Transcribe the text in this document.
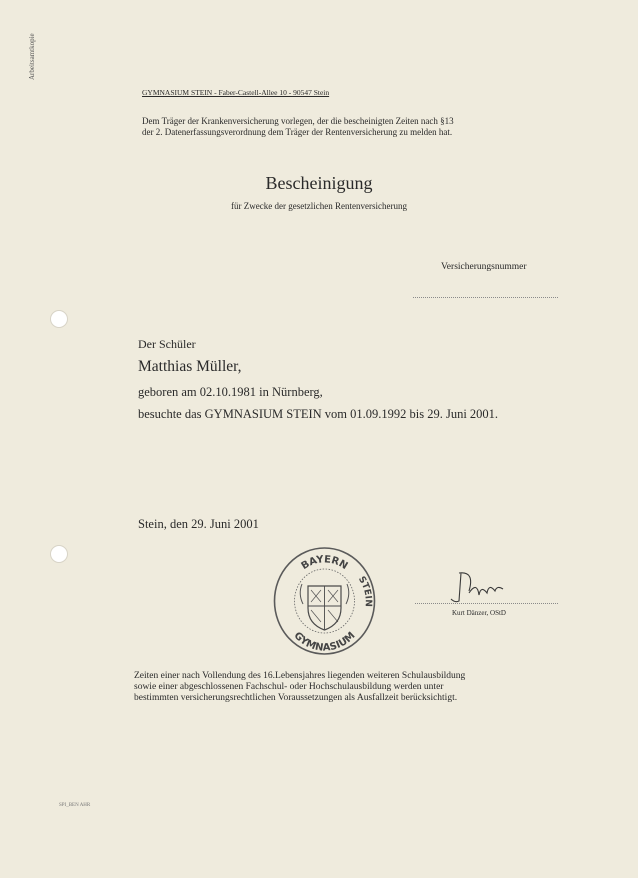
Arbeitsamtkopie
GYMNASIUM STEIN - Faber-Castell-Allee 10 - 90547 Stein
Dem Träger der Krankenversicherung vorlegen, der die bescheinigten Zeiten nach §13
der 2. Datenerfassungsverordnung dem Träger der Rentenversicherung zu melden hat.
Bescheinigung
für Zwecke der gesetzlichen Rentenversicherung
Versicherungsnummer
Der Schüler
Matthias Müller,
geboren am 02.10.1981 in Nürnberg,
besuchte das GYMNASIUM STEIN vom 01.09.1992 bis 29. Juni 2001.
Stein, den 29. Juni 2001
BAYERN
STEIN
GYMNASIUM
Kurt Dänzer, OStD
Zeiten einer nach Vollendung des 16.Lebensjahres liegenden weiteren Schulausbildung
sowie einer abgeschlossenen Fachschul- oder Hochschulausbildung werden unter
bestimmten versicherungsrechtlichen Voraussetzungen als Ausfallzeit berücksichtigt.
SPI_BEN AHR
